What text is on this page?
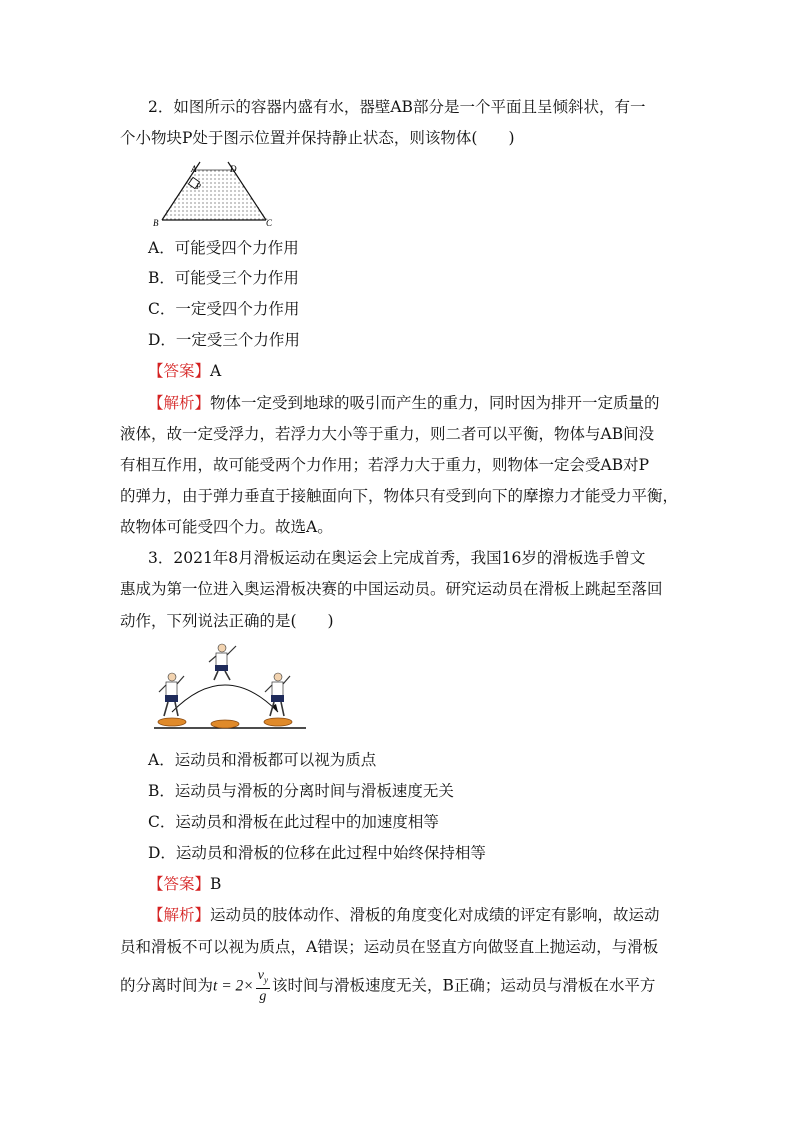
2．如图所示的容器内盛有水，器壁AB部分是一个平面且呈倾斜状，有一
个小物块P处于图示位置并保持静止状态，则该物体(　　)
A	D
B	C
P
A．可能受四个力作用
B．可能受三个力作用
C．一定受四个力作用
D．一定受三个力作用
【答案】A
【解析】物体一定受到地球的吸引而产生的重力，同时因为排开一定质量的
液体，故一定受浮力，若浮力大小等于重力，则二者可以平衡，物体与AB间没
有相互作用，故可能受两个力作用；若浮力大于重力，则物体一定会受AB对P
的弹力，由于弹力垂直于接触面向下，物体只有受到向下的摩擦力才能受力平衡，
故物体可能受四个力。故选A。
3．2021年8月滑板运动在奥运会上完成首秀，我国16岁的滑板选手曾文
惠成为第一位进入奥运滑板决赛的中国运动员。研究运动员在滑板上跳起至落回
动作，下列说法正确的是(　　)
A．运动员和滑板都可以视为质点
B．运动员与滑板的分离时间与滑板速度无关
C．运动员和滑板在此过程中的加速度相等
D．运动员和滑板的位移在此过程中始终保持相等
【答案】B
【解析】运动员的肢体动作、滑板的角度变化对成绩的评定有影响，故运动
员和滑板不可以视为质点，A错误；运动员在竖直方向做竖直上抛运动，与滑板
的分离时间为$t = 2\times \frac{v_y}{g}$ 该时间与滑板速度无关，B正确；运动员与滑板在水平方
